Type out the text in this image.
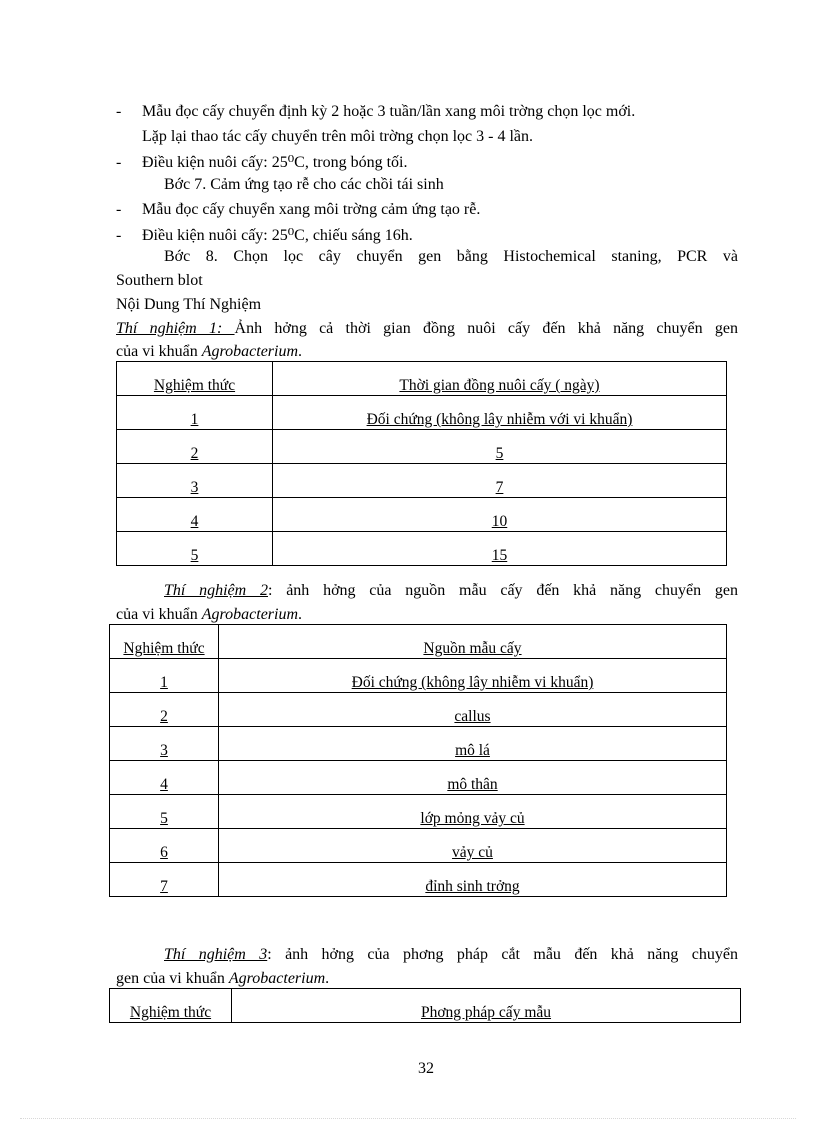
- Mẫu đọc cấy chuyển định kỳ 2 hoặc 3 tuần/lần xang môi trờng chọn lọc mới.
Lặp lại thao tác cấy chuyển trên môi trờng chọn lọc 3 - 4 lần.
- Điều kiện nuôi cấy: 25⁰C, trong bóng tối.
Bớc 7. Cảm ứng tạo rễ cho các chồi tái sinh
- Mẫu đọc cấy chuyển xang môi trờng cảm ứng tạo rễ.
- Điều kiện nuôi cấy: 25⁰C, chiếu sáng 16h.
Bớc 8. Chọn lọc cây chuyển gen bằng Histochemical staning, PCR và
Southern blot
Nội Dung Thí Nghiệm
Thí nghiệm 1: Ảnh hởng cả thời gian đồng nuôi cấy đến khả năng chuyển gen
của vi khuẩn Agrobacterium.
Nghiệm thức	Thời gian đồng nuôi cấy ( ngày)
1	Đối chứng (không lây nhiễm với vi khuẩn)
2	5
3	7
4	10
5	15
Thí nghiệm 2: ảnh hởng của nguồn mẫu cấy đến khả năng chuyển gen
của vi khuẩn Agrobacterium.
Nghiệm thức	Nguồn mẫu cấy
1	Đối chứng (không lây nhiễm vi khuẩn)
2	callus
3	mô lá
4	mô thân
5	lớp mỏng vảy củ
6	vảy củ
7	đỉnh sinh trởng
Thí nghiệm 3: ảnh hởng của phơng pháp cắt mẫu đến khả năng chuyển
gen của vi khuẩn Agrobacterium.
Nghiệm thức	Phơng pháp cấy mẫu
32
